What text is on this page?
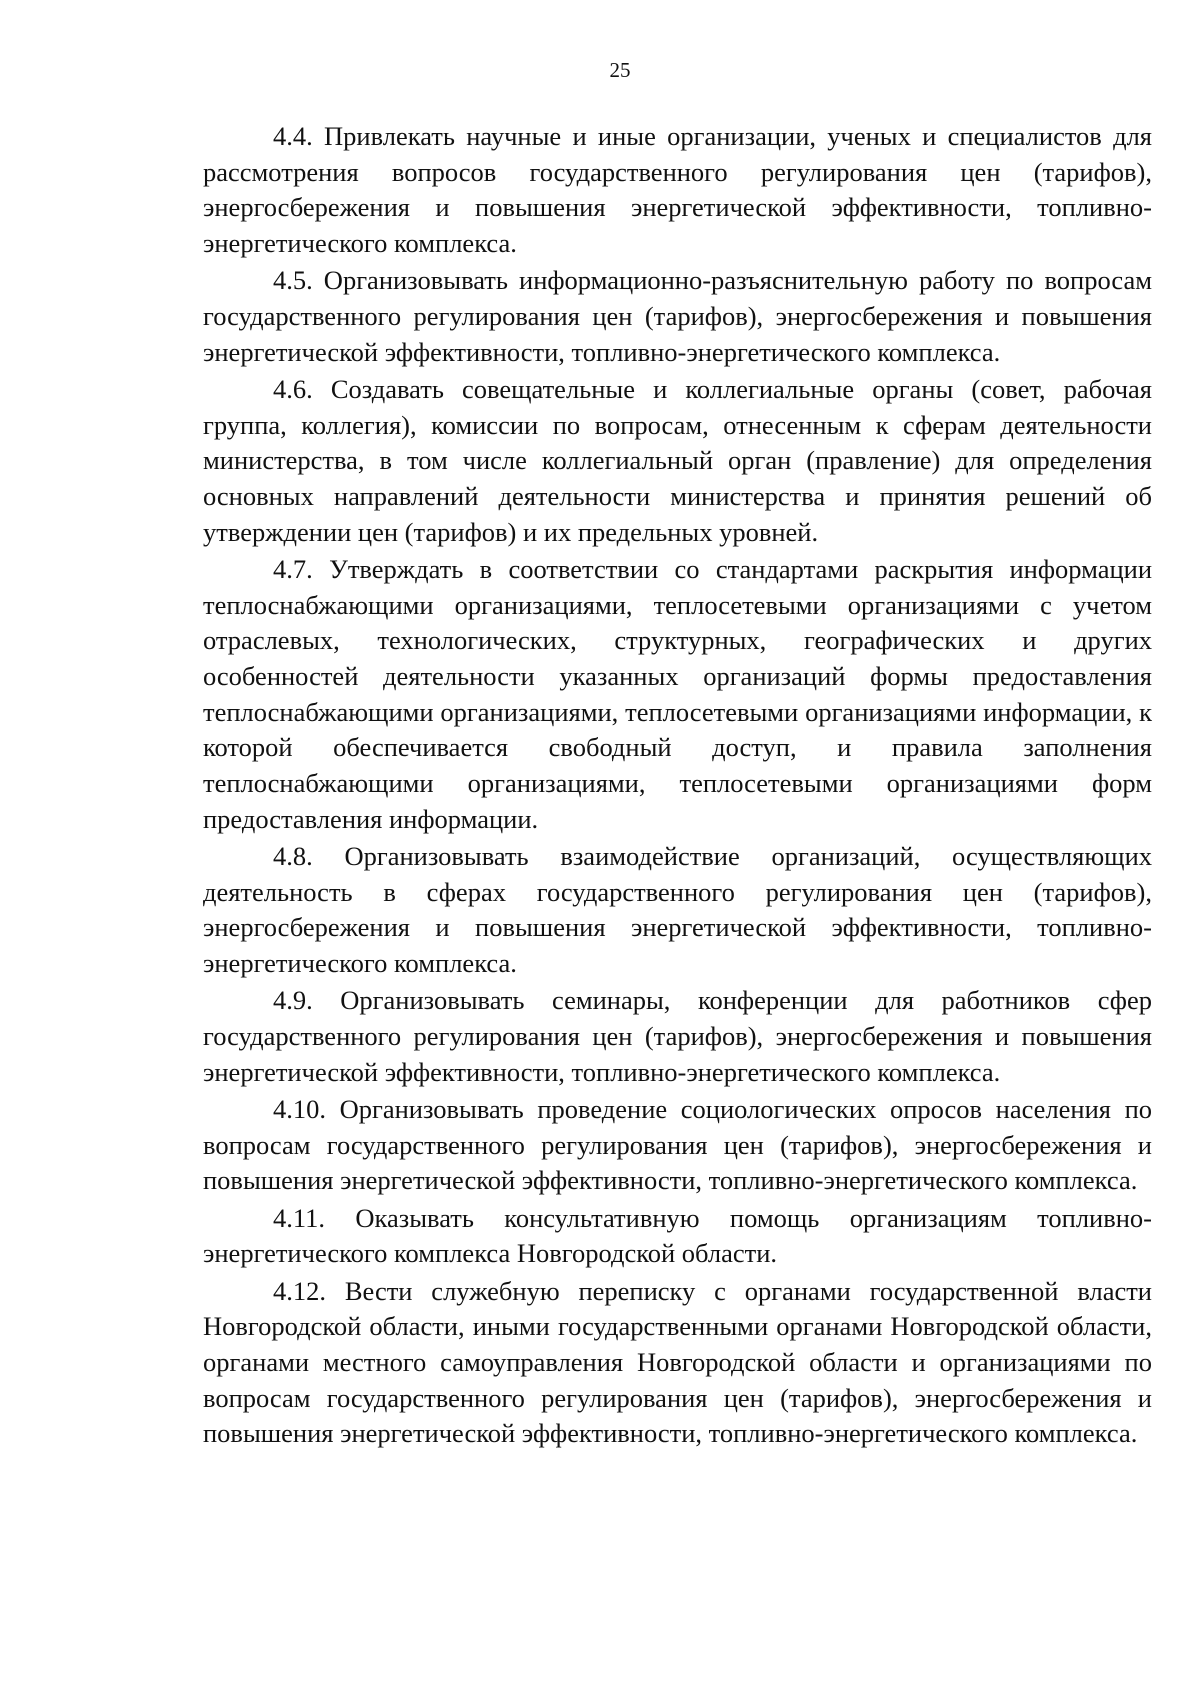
25

4.4. Привлекать научные и иные организации, ученых и специалистов для рассмотрения вопросов государственного регулирования цен (тарифов), энергосбережения и повышения энергетической эффективности, топливно-энергетического комплекса.

4.5. Организовывать информационно-разъяснительную работу по вопросам государственного регулирования цен (тарифов), энергосбережения и повышения энергетической эффективности, топливно-энергетического комплекса.

4.6. Создавать совещательные и коллегиальные органы (совет, рабочая группа, коллегия), комиссии по вопросам, отнесенным к сферам деятельности министерства, в том числе коллегиальный орган (правление) для определения основных направлений деятельности министерства и принятия решений об утверждении цен (тарифов) и их предельных уровней.

4.7. Утверждать в соответствии со стандартами раскрытия информации теплоснабжающими организациями, теплосетевыми организациями с учетом отраслевых, технологических, структурных, географических и других особенностей деятельности указанных организаций формы предоставления теплоснабжающими организациями, теплосетевыми организациями информации, к которой обеспечивается свободный доступ, и правила заполнения теплоснабжающими организациями, теплосетевыми организациями форм предоставления информации.

4.8. Организовывать взаимодействие организаций, осуществляющих деятельность в сферах государственного регулирования цен (тарифов), энергосбережения и повышения энергетической эффективности, топливно-энергетического комплекса.

4.9. Организовывать семинары, конференции для работников сфер государственного регулирования цен (тарифов), энергосбережения и повышения энергетической эффективности, топливно-энергетического комплекса.

4.10. Организовывать проведение социологических опросов населения по вопросам государственного регулирования цен (тарифов), энергосбережения и повышения энергетической эффективности, топливно-энергетического комплекса.

4.11. Оказывать консультативную помощь организациям топливно-энергетического комплекса Новгородской области.

4.12. Вести служебную переписку с органами государственной власти Новгородской области, иными государственными органами Новгородской области, органами местного самоуправления Новгородской области и организациями по вопросам государственного регулирования цен (тарифов), энергосбережения и повышения энергетической эффективности, топливно-энергетического комплекса.
